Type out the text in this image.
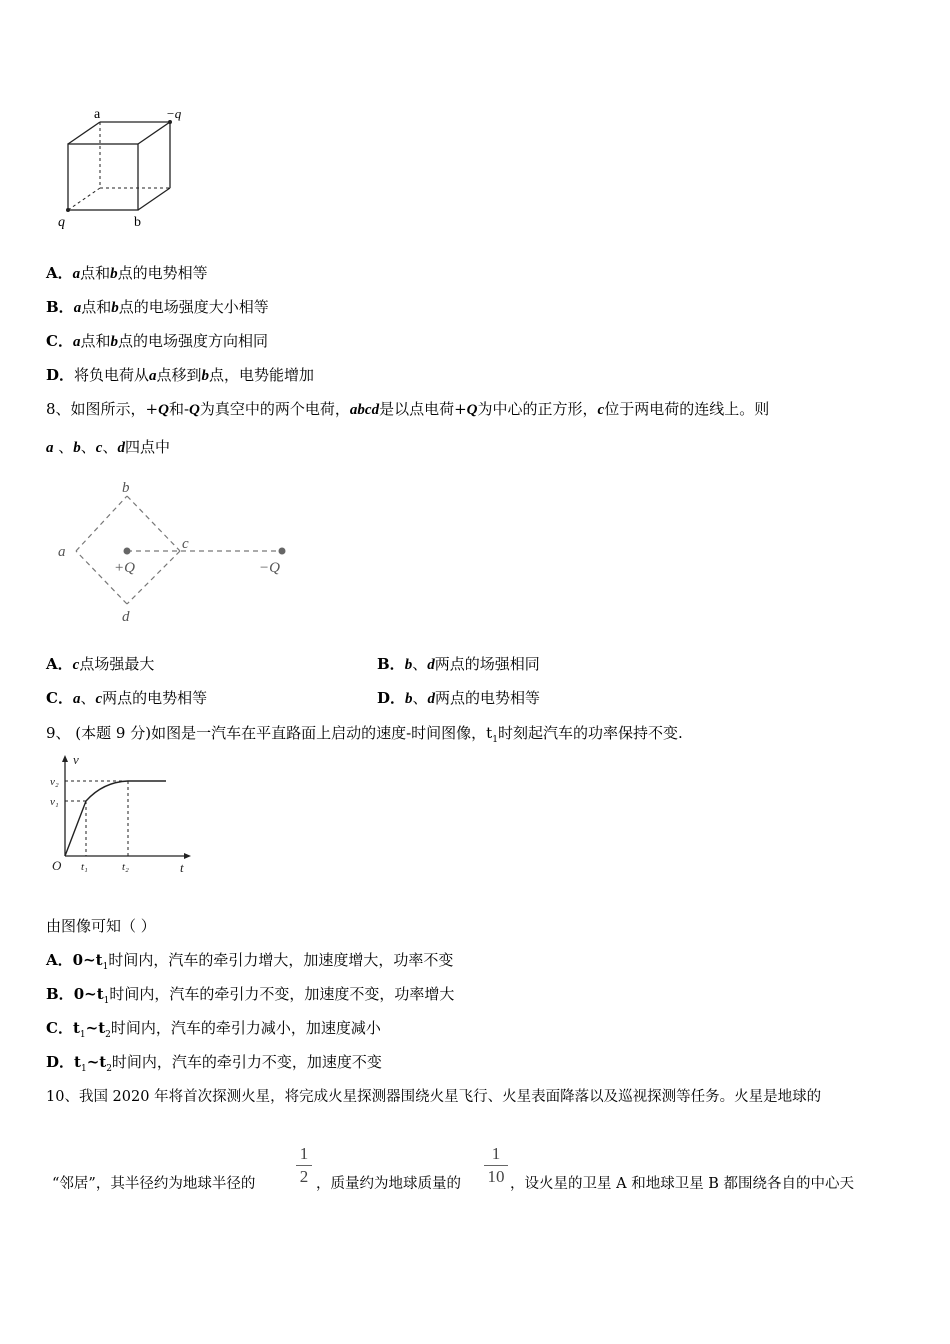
a	−q
q	b
A．a点和b点的电势相等
B．a点和b点的电场强度大小相等
C．a点和b点的电场强度方向相同
D．将负电荷从a点移到b点，电势能增加
8、如图所示，+Q和-Q为真空中的两个电荷，abcd是以点电荷+Q为中心的正方形，c位于两电荷的连线上。则
a 、b、c、d四点中
b
a	c
d
+Q	−Q
A．c点场强最大	B．b、d两点的场强相同
C．a、c两点的电势相等	D．b、d两点的电势相等
9、 (本题 9 分)如图是一汽车在平直路面上启动的速度-时间图像，$t_1$时刻起汽车的功率保持不变.
v
v₂
v₁
O t₁	t₂	t
由图像可知（ ）
A．$0\sim t_1$时间内，汽车的牵引力增大，加速度增大，功率不变
B．$0\sim t_1$时间内，汽车的牵引力不变，加速度不变，功率增大
C．$t_1\sim t_2$时间内，汽车的牵引力减小，加速度减小
D．$t_1\sim t_2$时间内，汽车的牵引力不变，加速度不变
10、我国 2020 年将首次探测火星，将完成火星探测器围绕火星飞行、火星表面降落以及巡视探测等任务。火星是地球的
“邻居”，其半径约为地球半径的
1
2 ，质量约为地球质量的
1
10 ，设火星的卫星 A 和地球卫星 B 都围绕各自的中心天
